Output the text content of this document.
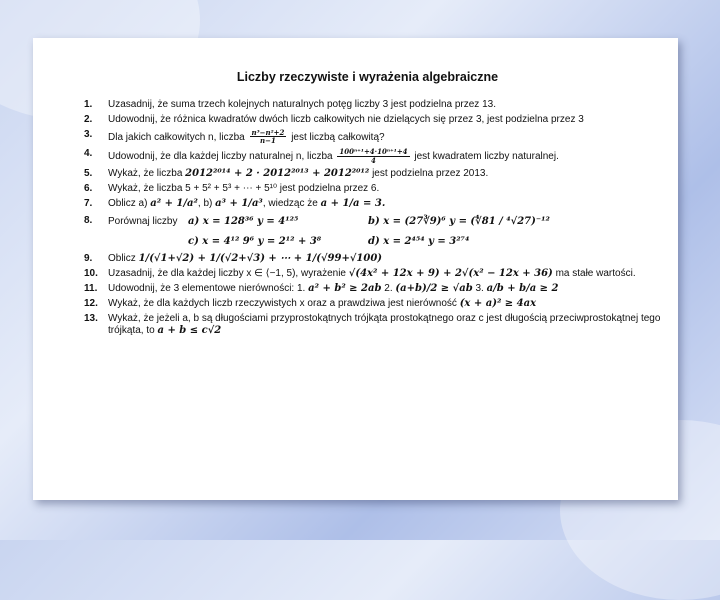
Liczby rzeczywiste i wyrażenia algebraiczne
1.	Uzasadnij, że suma trzech kolejnych naturalnych potęg liczby 3 jest podzielna przez 13.
2.	Udowodnij, że różnica kwadratów dwóch liczb całkowitych nie dzielących się przez 3, jest podzielna przez 3
3.	Dla jakich całkowitych n, liczba $\frac{\text{n³−n²+2}}{n-1}$ jest liczbą całkowitą?
4.	Udowodnij, że dla każdej liczby naturalnej n, liczba $\frac{\text{100ⁿ⁺¹+4·10ⁿ⁺¹+4}}{4}$ jest kwadratem liczby naturalnej.
5.	Wykaż, że liczba 2012²⁰¹⁴ + 2 · 2012²⁰¹³ + 2012²⁰¹² jest podzielna przez 2013.
6.	Wykaż, że liczba 5 + 5² + 5³ + ⋯ + 5¹⁰ jest podzielna przez 6.
7.	Oblicz a) a² + 1/a², b) a³ + 1/a³, wiedząc że a + 1/a = 3.
8.	Porównaj liczby	a) x = 128³⁶ y = 4¹²⁵	b) x = (27∛9)⁶ y = (∜81 / ⁴√27)⁻¹²
c) x = 4¹² 9⁶ y = 2¹² + 3⁸	d) x = 2⁴⁵⁴ y = 3²⁷⁴
9.	Oblicz 1/(√1+√2) + 1/(√2+√3) + ⋯ + 1/(√99+√100)
10.	Uzasadnij, że dla każdej liczby x ∈ ⟨−1, 5), wyrażenie √(4x² + 12x + 9) + 2√(x² − 12x + 36) ma stałe wartości.
11.	Udowodnij, że 3 elementowe nierówności: 1. a² + b² ≥ 2ab 2. (a+b)/2 ≥ √ab 3. a/b + b/a ≥ 2
12.	Wykaż, że dla każdych liczb rzeczywistych x oraz a prawdziwa jest nierówność (x + a)² ≥ 4ax
13.	Wykaż, że jeżeli a, b są długościami przyprostokątnych trójkąta prostokątnego oraz c jest długością przeciwprostokątnej tego trójkąta, to a + b ≤ c√2
